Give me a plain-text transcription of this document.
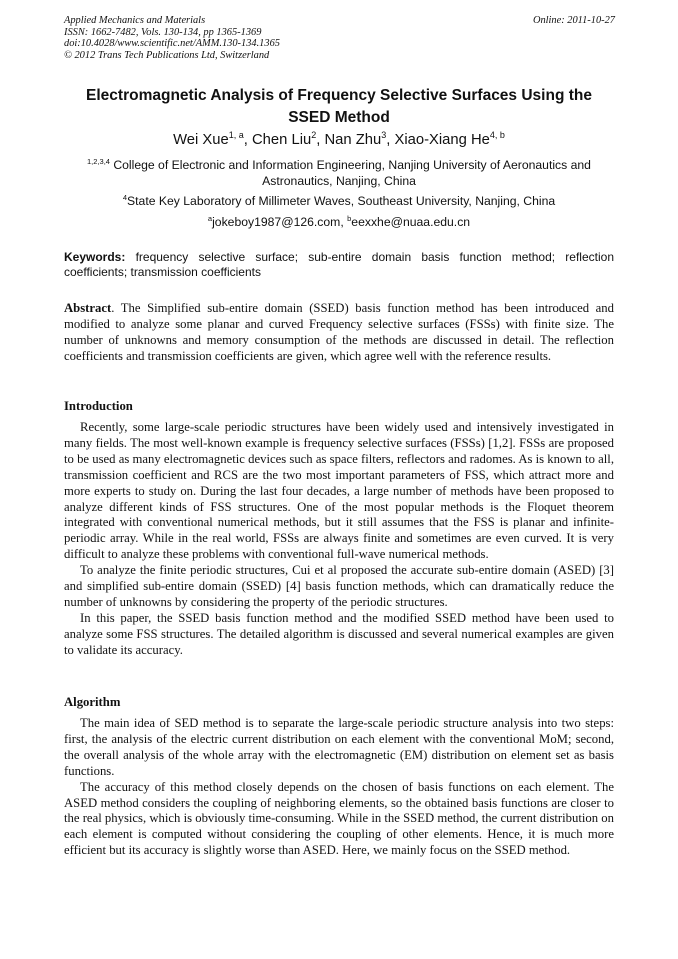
Applied Mechanics and Materials
ISSN: 1662-7482, Vols. 130-134, pp 1365-1369
doi:10.4028/www.scientific.net/AMM.130-134.1365
© 2012 Trans Tech Publications Ltd, Switzerland
Online: 2011-10-27
Electromagnetic Analysis of Frequency Selective Surfaces Using the SSED Method
Wei Xue$^{1, a}$, Chen Liu$^2$, Nan Zhu$^3$, Xiao-Xiang He$^{4, b}$
$^{1,2,3,4}$ College of Electronic and Information Engineering, Nanjing University of Aeronautics and Astronautics, Nanjing, China
$^4$State Key Laboratory of Millimeter Waves, Southeast University, Nanjing, China
$^a$jokeboy1987@126.com, $^b$eexxhe@nuaa.edu.cn
Keywords: frequency selective surface; sub-entire domain basis function method; reflection coefficients; transmission coefficients
Abstract. The Simplified sub-entire domain (SSED) basis function method has been introduced and modified to analyze some planar and curved Frequency selective surfaces (FSSs) with finite size. The number of unknowns and memory consumption of the methods are discussed in detail. The reflection coefficients and transmission coefficients are given, which agree well with the reference results.
Introduction

Recently, some large-scale periodic structures have been widely used and intensively investigated in many fields. The most well-known example is frequency selective surfaces (FSSs) [1,2]. FSSs are proposed to be used as many electromagnetic devices such as space filters, reflectors and radomes. As is known to all, transmission coefficient and RCS are the two most important parameters of FSS, which attract more and more experts to study on. During the last four decades, a large number of methods have been proposed to analyze different kinds of FSS structures. One of the most popular methods is the Floquet theorem integrated with conventional numerical methods, but it still assumes that the FSS is planar and infinite-periodic array. While in the real world, FSSs are always finite and sometimes are even curved. It is very difficult to analyze these problems with conventional full-wave numerical methods.

To analyze the finite periodic structures, Cui et al proposed the accurate sub-entire domain (ASED) [3] and simplified sub-entire domain (SSED) [4] basis function methods, which can dramatically reduce the number of unknowns by considering the property of the periodic structures.

In this paper, the SSED basis function method and the modified SSED method have been used to analyze some FSS structures. The detailed algorithm is discussed and several numerical examples are given to validate its accuracy.

Algorithm

The main idea of SED method is to separate the large-scale periodic structure analysis into two steps: first, the analysis of the electric current distribution on each element with the conventional MoM; second, the overall analysis of the whole array with the electromagnetic (EM) distribution on element set as basis functions.

The accuracy of this method closely depends on the chosen of basis functions on each element. The ASED method considers the coupling of neighboring elements, so the obtained basis functions are closer to the real physics, which is obviously time-consuming. While in the SSED method, the current distribution on each element is computed without considering the coupling of other elements. Hence, it is much more efficient but its accuracy is slightly worse than ASED. Here, we mainly focus on the SSED method.
